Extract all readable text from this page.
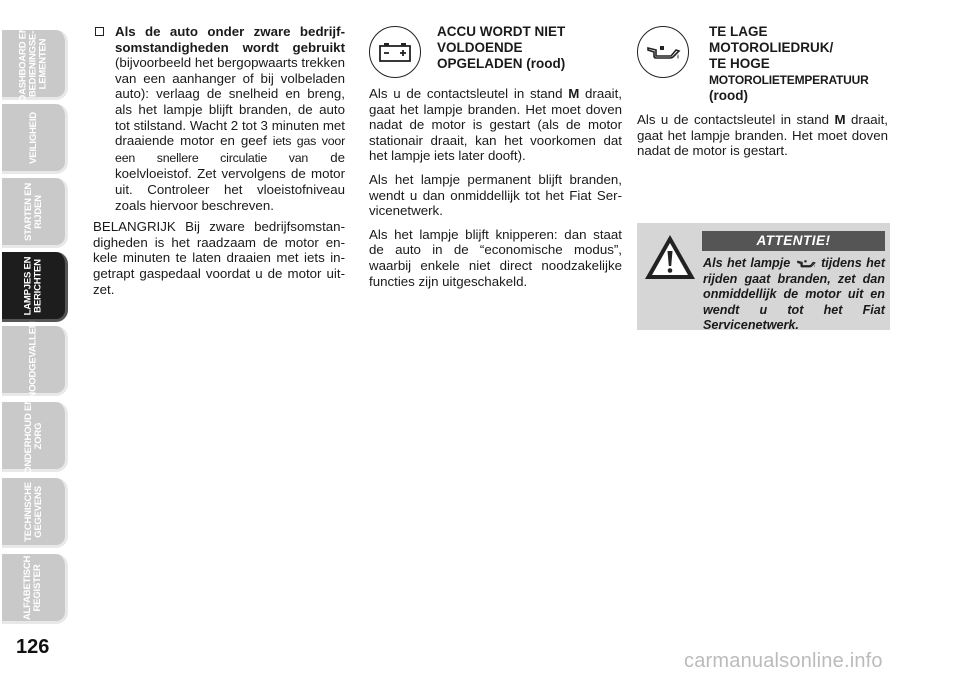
DASHBOARD EN BEDIENINGSE- LEMENTEN
VEILIGHEID
STARTEN EN RIJDEN
LAMPJES EN BERICHTEN
NOODGEVALLEN
ONDERHOUD EN ZORG
TECHNISCHE GEGEVENS
ALFABETISCH REGISTER
126
Als de auto onder zware bedrijfsomstandigheden wordt gebruikt (bijvoorbeeld het bergopwaarts trekken van een aanhanger of bij volbeladen auto): verlaag de snelheid en breng, als het lampje blijft branden, de auto tot stilstand. Wacht 2 tot 3 minuten met draaiende motor en geef iets gas voor een snellere circulatie van de koelvloeistof. Zet vervolgens de motor uit. Controleer het vloeistofniveau zoals hiervoor beschreven.

BELANGRIJK Bij zware bedrijfsomstandigheden is het raadzaam de motor enkele minuten te laten draaien met iets ingetrapt gaspedaal voordat u de motor uitzet.

ACCU WORDT NIET
VOLDOENDE
OPGELADEN (rood)

Als u de contactsleutel in stand M draait, gaat het lampje branden. Het moet doven nadat de motor is gestart (als de motor stationair draait, kan het voorkomen dat het lampje iets later dooft).

Als het lampje permanent blijft branden, wendt u dan onmiddellijk tot het Fiat Servicenetwerk.

Als het lampje blijft knipperen: dan staat de auto in de “economische modus”, waarbij enkele niet direct noodzakelijke functies zijn uitgeschakeld.

TE LAGE
MOTOROLIEDRUK/
TE HOGE
MOTOROLIETEMPERATUUR
(rood)

Als u de contactsleutel in stand M draait, gaat het lampje branden. Het moet doven nadat de motor is gestart.

ATTENTIE!
Als het lampje tijdens het rijden gaat branden, zet dan onmiddellijk de motor uit en wendt u tot het Fiat Servicenetwerk.
carmanualsonline.info
